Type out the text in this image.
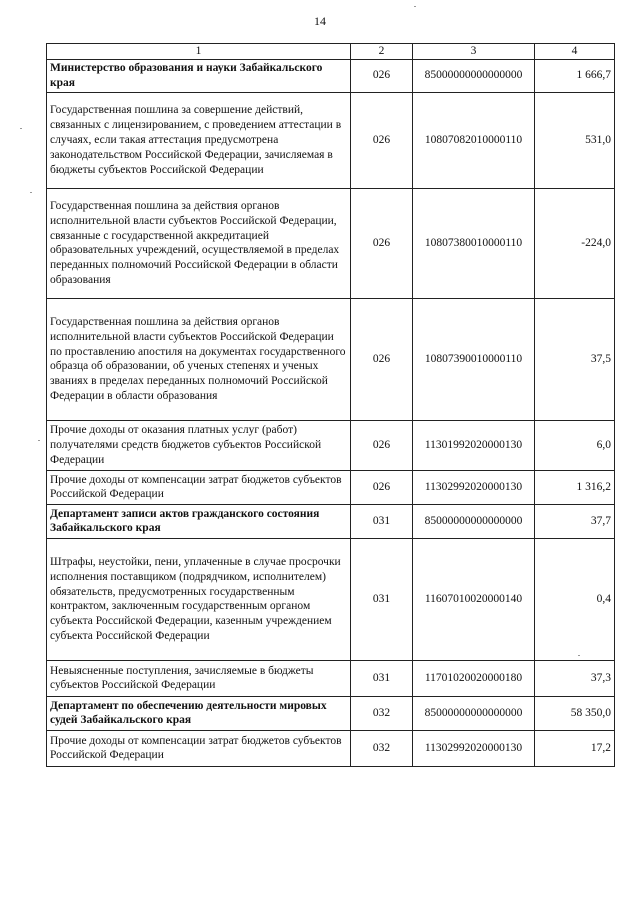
14
1	2	3	4
Министерство образования и науки Забайкальского края	026	85000000000000000	1 666,7
Государственная пошлина за совершение действий, связанных с лицензированием, с проведением аттестации в случаях, если такая аттестация предусмотрена законодательством Российской Федерации, зачисляемая в бюджеты субъектов Российской Федерации	026	10807082010000110	531,0
Государственная пошлина за действия органов исполнительной власти субъектов Российской Федерации, связанные с государственной аккредитацией образовательных учреждений, осуществляемой в пределах переданных полномочий Российской Федерации в области образования	026	10807380010000110	-224,0
Государственная пошлина за действия органов исполнительной власти субъектов Российской Федерации по проставлению апостиля на документах государственного образца об образовании, об ученых степенях и ученых званиях в пределах переданных полномочий Российской Федерации в области образования	026	10807390010000110	37,5
Прочие доходы от оказания платных услуг (работ) получателями средств бюджетов субъектов Российской Федерации	026	11301992020000130	6,0
Прочие доходы от компенсации затрат бюджетов субъектов Российской Федерации	026	11302992020000130	1 316,2
Департамент записи актов гражданского состояния Забайкальского края	031	85000000000000000	37,7
Штрафы, неустойки, пени, уплаченные в случае просрочки исполнения поставщиком (подрядчиком, исполнителем) обязательств, предусмотренных государственным контрактом, заключенным государственным органом субъекта Российской Федерации, казенным учреждением субъекта Российской Федерации	031	11607010020000140	0,4
Невыясненные поступления, зачисляемые в бюджеты субъектов Российской Федерации	031	11701020020000180	37,3
Департамент по обеспечению деятельности мировых судей Забайкальского края	032	85000000000000000	58 350,0
Прочие доходы от компенсации затрат бюджетов субъектов Российской Федерации	032	11302992020000130	17,2
